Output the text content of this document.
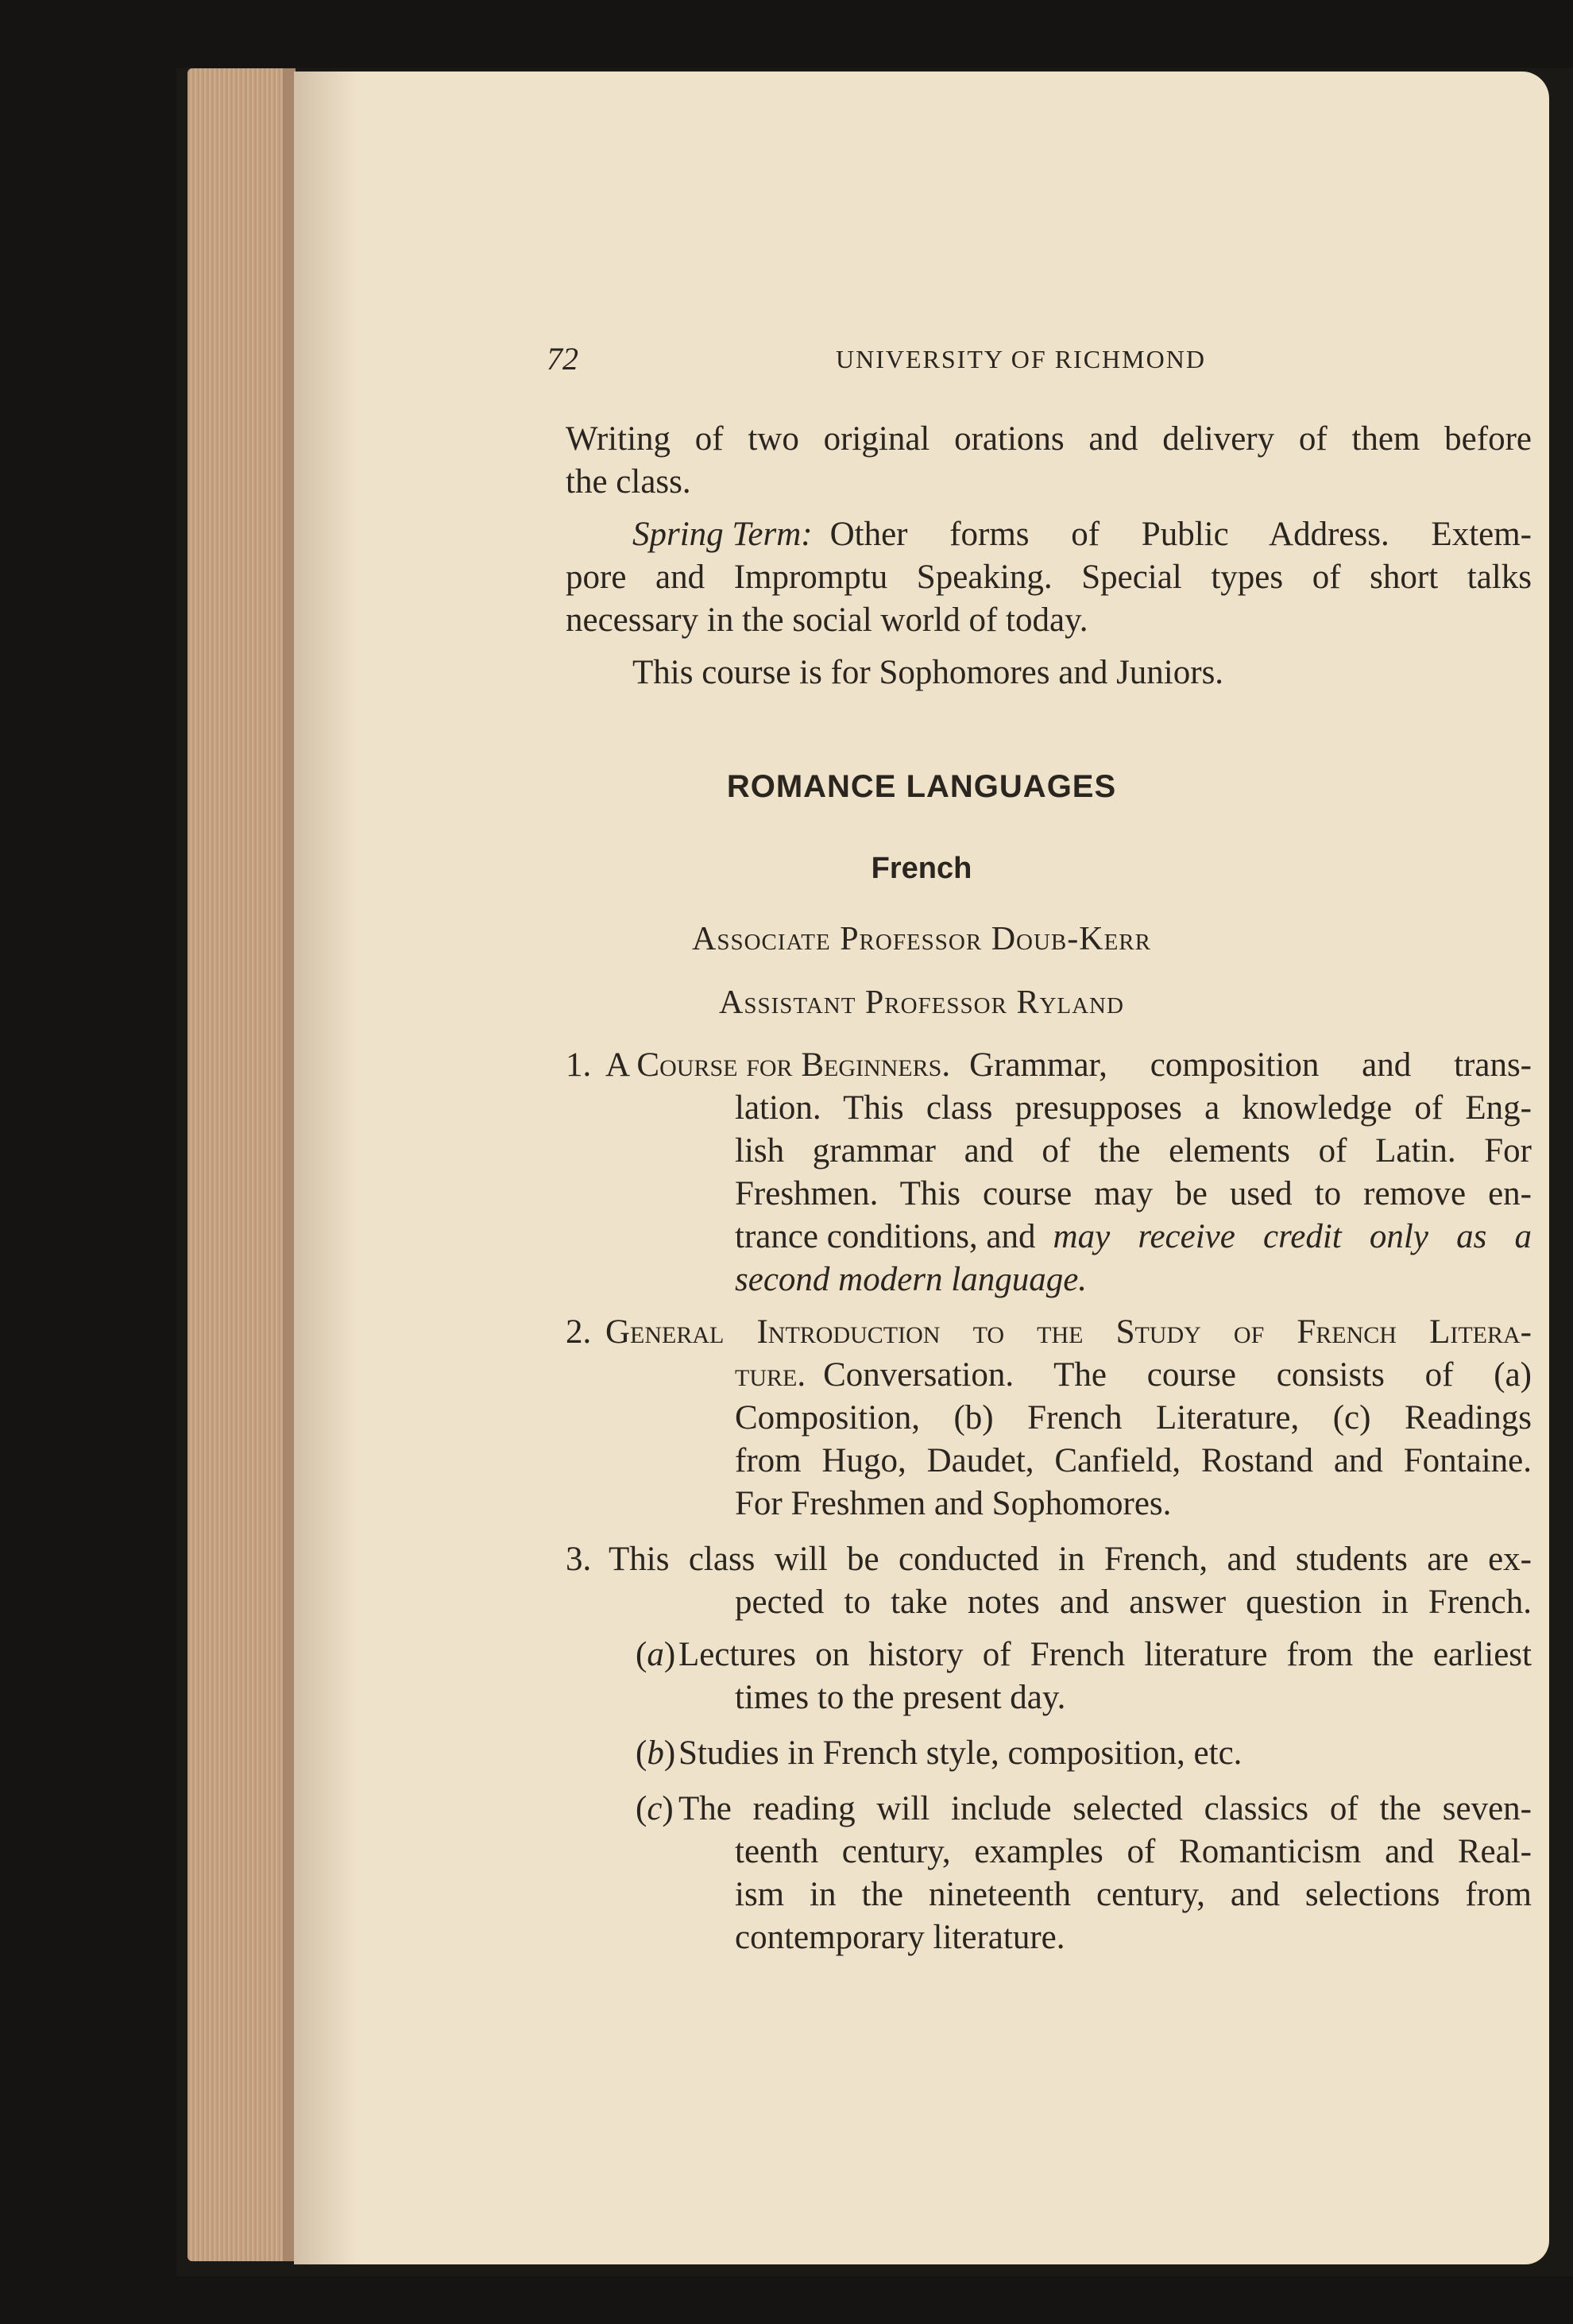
72	UNIVERSITY OF RICHMOND
Writing of two original orations and delivery of them before
the class.
Spring Term: Other forms of Public Address. Extem-
pore and Impromptu Speaking. Special types of short talks
necessary in the social world of today.
This course is for Sophomores and Juniors.
ROMANCE LANGUAGES
French
Associate Professor Doub-Kerr
Assistant Professor Ryland
1. A Course for Beginners. Grammar, composition and trans-
lation. This class presupposes a knowledge of Eng-
lish grammar and of the elements of Latin. For
Freshmen. This course may be used to remove en-
trance conditions, and may receive credit only as a
second modern language.
2. General Introduction to the Study of French Litera-
ture. Conversation. The course consists of (a)
Composition, (b) French Literature, (c) Readings
from Hugo, Daudet, Canfield, Rostand and Fontaine.
For Freshmen and Sophomores.
3. This class will be conducted in French, and students are ex-
pected to take notes and answer question in French.
(a) Lectures on history of French literature from the earliest
times to the present day.
(b) Studies in French style, composition, etc.
(c) The reading will include selected classics of the seven-
teenth century, examples of Romanticism and Real-
ism in the nineteenth century, and selections from
contemporary literature.
